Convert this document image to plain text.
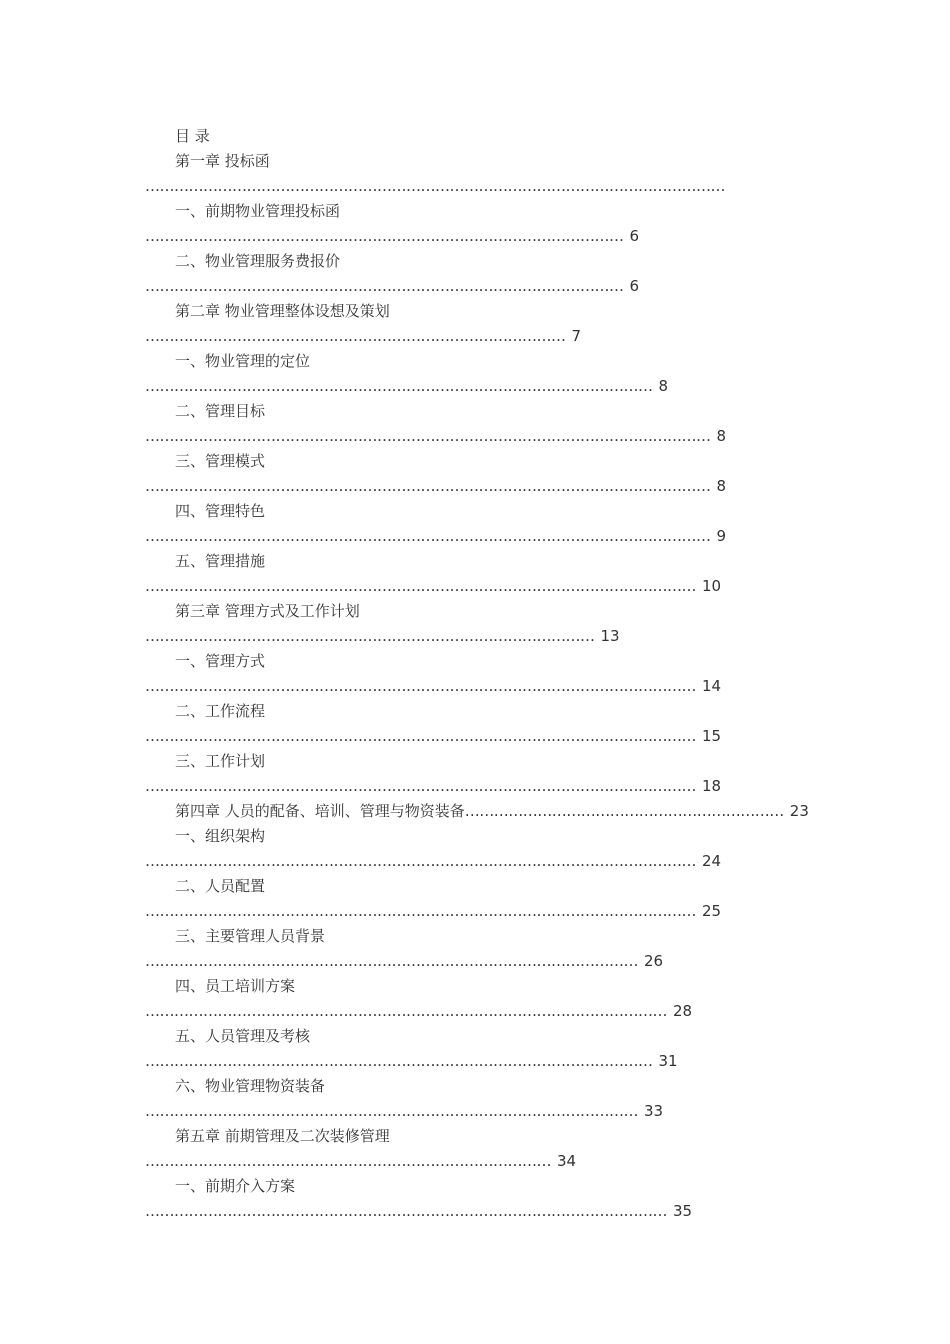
目 录
第一章 投标函
…………………………………………………………………………………………………………
一、前期物业管理投标函
……………………………………………………………………………………… 6
二、物业管理服务费报价
……………………………………………………………………………………… 6
第二章 物业管理整体设想及策划
…………………………………………………………………………… 7
一、物业管理的定位
…………………………………………………………………………………………… 8
二、管理目标
……………………………………………………………………………………………………… 8
三、管理模式
……………………………………………………………………………………………………… 8
四、管理特色
……………………………………………………………………………………………………… 9
五、管理措施
…………………………………………………………………………………………………… 10
第三章 管理方式及工作计划
………………………………………………………………………………… 13
一、管理方式
…………………………………………………………………………………………………… 14
二、工作流程
…………………………………………………………………………………………………… 15
三、工作计划
…………………………………………………………………………………………………… 18
第四章 人员的配备、培训、管理与物资装备………………………………………………………… 23
一、组织架构
…………………………………………………………………………………………………… 24
二、人员配置
…………………………………………………………………………………………………… 25
三、主要管理人员背景
………………………………………………………………………………………… 26
四、员工培训方案
……………………………………………………………………………………………… 28
五、人员管理及考核
…………………………………………………………………………………………… 31
六、物业管理物资装备
………………………………………………………………………………………… 33
第五章 前期管理及二次装修管理
………………………………………………………………………… 34
一、前期介入方案
……………………………………………………………………………………………… 35
